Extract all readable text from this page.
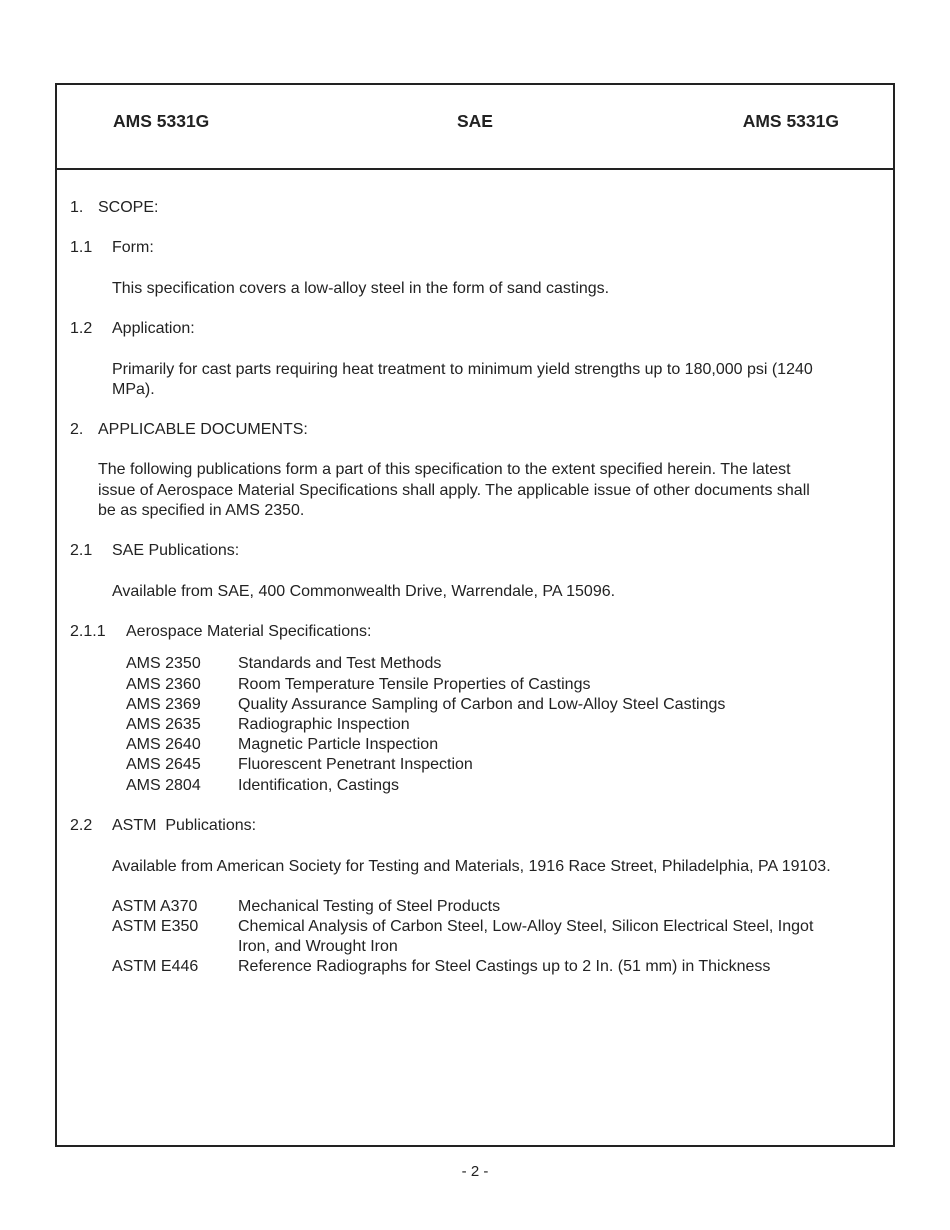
AMS 5331G	SAE	AMS 5331G
1. SCOPE:
1.1 Form:
This specification covers a low-alloy steel in the form of sand castings.
1.2 Application:
Primarily for cast parts requiring heat treatment to minimum yield strengths up to 180,000 psi (1240
MPa).
2. APPLICABLE DOCUMENTS:
The following publications form a part of this specification to the extent specified herein. The latest
issue of Aerospace Material Specifications shall apply. The applicable issue of other documents shall
be as specified in AMS 2350.
2.1 SAE Publications:
Available from SAE, 400 Commonwealth Drive, Warrendale, PA 15096.
2.1.1 Aerospace Material Specifications:
AMS 2350 Standards and Test Methods
AMS 2360 Room Temperature Tensile Properties of Castings
AMS 2369 Quality Assurance Sampling of Carbon and Low-Alloy Steel Castings
AMS 2635 Radiographic Inspection
AMS 2640 Magnetic Particle Inspection
AMS 2645 Fluorescent Penetrant Inspection
AMS 2804 Identification, Castings
2.2 ASTM  Publications:
Available from American Society for Testing and Materials, 1916 Race Street, Philadelphia, PA 19103.
ASTM A370	Mechanical Testing of Steel Products
ASTM E350 Chemical Analysis of Carbon Steel, Low-Alloy Steel, Silicon Electrical Steel, Ingot
Iron, and Wrought Iron
ASTM E446 Reference Radiographs for Steel Castings up to 2 In. (51 mm) in Thickness
- 2 -
